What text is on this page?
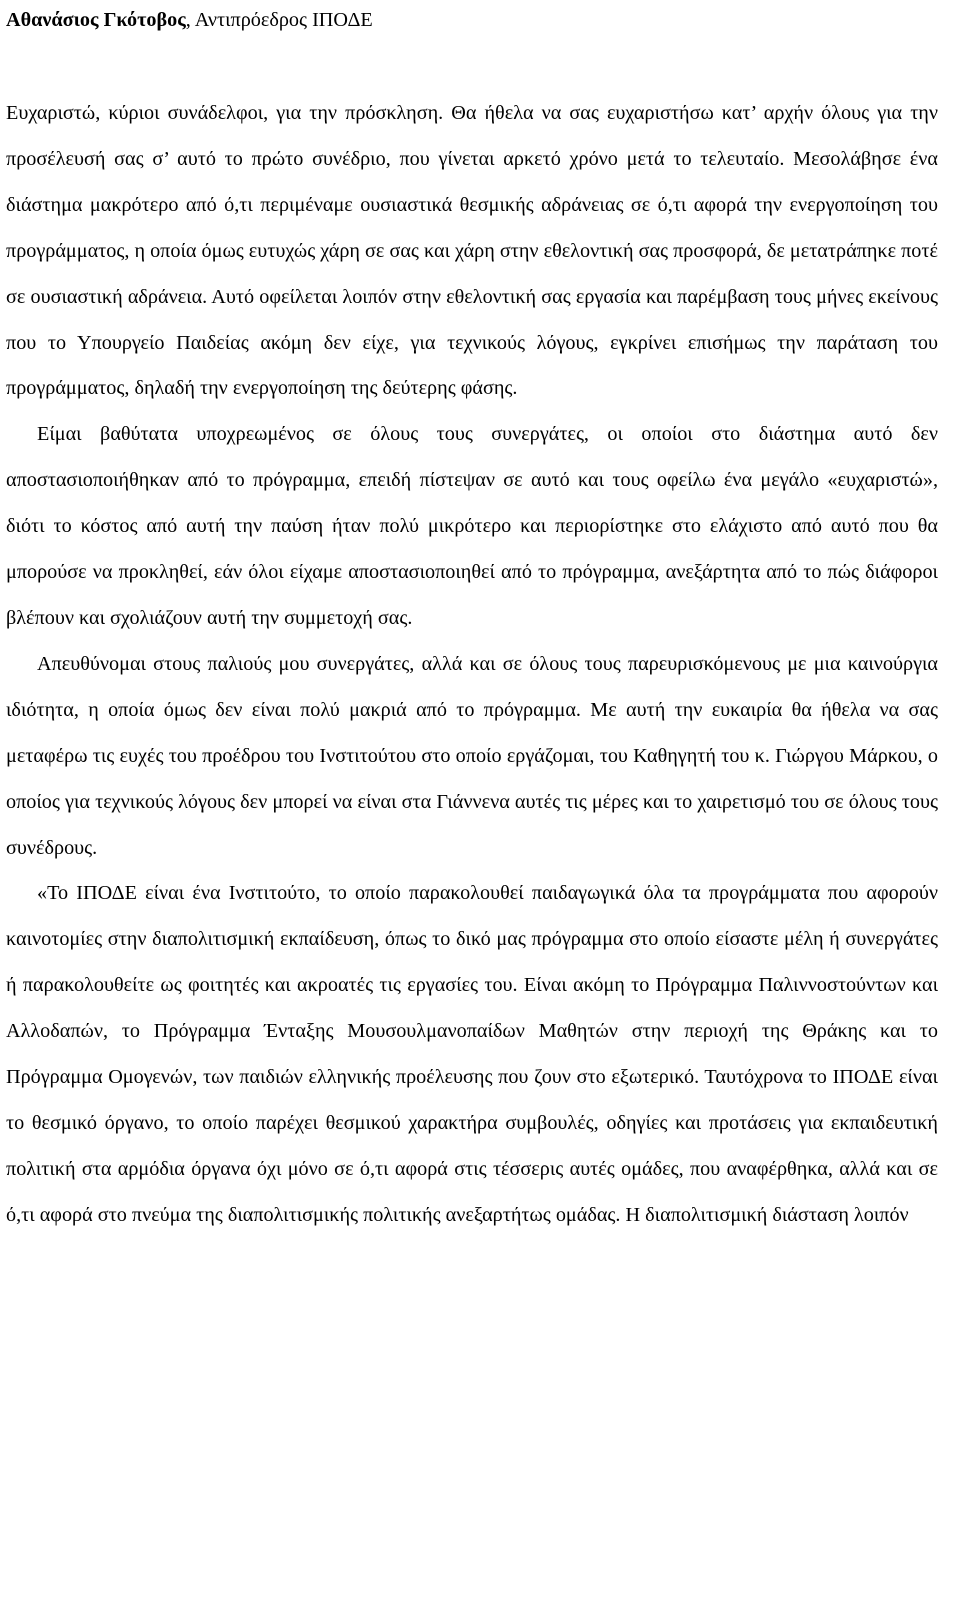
Αθανάσιος Γκότοβος, Αντιπρόεδρος ΙΠΟΔΕ

Ευχαριστώ, κύριοι συνάδελφοι, για την πρόσκληση. Θα ήθελα να σας ευχαριστήσω κατ’ αρχήν όλους για την προσέλευσή σας σ’ αυτό το πρώτο συνέδριο, που γίνεται αρκετό χρόνο μετά το τελευταίο. Μεσολάβησε ένα διάστημα μακρότερο από ό,τι περιμέναμε ουσιαστικά θεσμικής αδράνειας σε ό,τι αφορά την ενεργοποίηση του προγράμματος, η οποία όμως ευτυχώς χάρη σε σας και χάρη στην εθελοντική σας προσφορά, δε μετατράπηκε ποτέ σε ουσιαστική αδράνεια. Αυτό οφείλεται λοιπόν στην εθελοντική σας εργασία και παρέμβαση τους μήνες εκείνους που το Υπουργείο Παιδείας ακόμη δεν είχε, για τεχνικούς λόγους, εγκρίνει επισήμως την παράταση του προγράμματος, δηλαδή την ενεργοποίηση της δεύτερης φάσης.

Είμαι βαθύτατα υποχρεωμένος σε όλους τους συνεργάτες, οι οποίοι στο διάστημα αυτό δεν αποστασιοποιήθηκαν από το πρόγραμμα, επειδή πίστεψαν σε αυτό και τους οφείλω ένα μεγάλο «ευχαριστώ», διότι το κόστος από αυτή την παύση ήταν πολύ μικρότερο και περιορίστηκε στο ελάχιστο από αυτό που θα μπορούσε να προκληθεί, εάν όλοι είχαμε αποστασιοποιηθεί από το πρόγραμμα, ανεξάρτητα από το πώς διάφοροι βλέπουν και σχολιάζουν αυτή την συμμετοχή σας.

Απευθύνομαι στους παλιούς μου συνεργάτες, αλλά και σε όλους τους παρευρισκόμενους με μια καινούργια ιδιότητα, η οποία όμως δεν είναι πολύ μακριά από το πρόγραμμα. Με αυτή την ευκαιρία θα ήθελα να σας μεταφέρω τις ευχές του προέδρου του Ινστιτούτου στο οποίο εργάζομαι, του Καθηγητή του κ. Γιώργου Μάρκου, ο οποίος για τεχνικούς λόγους δεν μπορεί να είναι στα Γιάννενα αυτές τις μέρες και το χαιρετισμό του σε όλους τους συνέδρους.

«Το ΙΠΟΔΕ είναι ένα Ινστιτούτο, το οποίο παρακολουθεί παιδαγωγικά όλα τα προγράμματα που αφορούν καινοτομίες στην διαπολιτισμική εκπαίδευση, όπως το δικό μας πρόγραμμα στο οποίο είσαστε μέλη ή συνεργάτες ή παρακολουθείτε ως φοιτητές και ακροατές τις εργασίες του. Είναι ακόμη το Πρόγραμμα Παλιννοστούντων και Αλλοδαπών, το Πρόγραμμα Ένταξης Μουσουλμανοπαίδων Μαθητών στην περιοχή της Θράκης και το Πρόγραμμα Ομογενών, των παιδιών ελληνικής προέλευσης που ζουν στο εξωτερικό. Ταυτόχρονα το ΙΠΟΔΕ είναι το θεσμικό όργανο, το οποίο παρέχει θεσμικού χαρακτήρα συμβουλές, οδηγίες και προτάσεις για εκπαιδευτική πολιτική στα αρμόδια όργανα όχι μόνο σε ό,τι αφορά στις τέσσερις αυτές ομάδες, που αναφέρθηκα, αλλά και σε ό,τι αφορά στο πνεύμα της διαπολιτισμικής πολιτικής ανεξαρτήτως ομάδας. Η διαπολιτισμική διάσταση λοιπόν
